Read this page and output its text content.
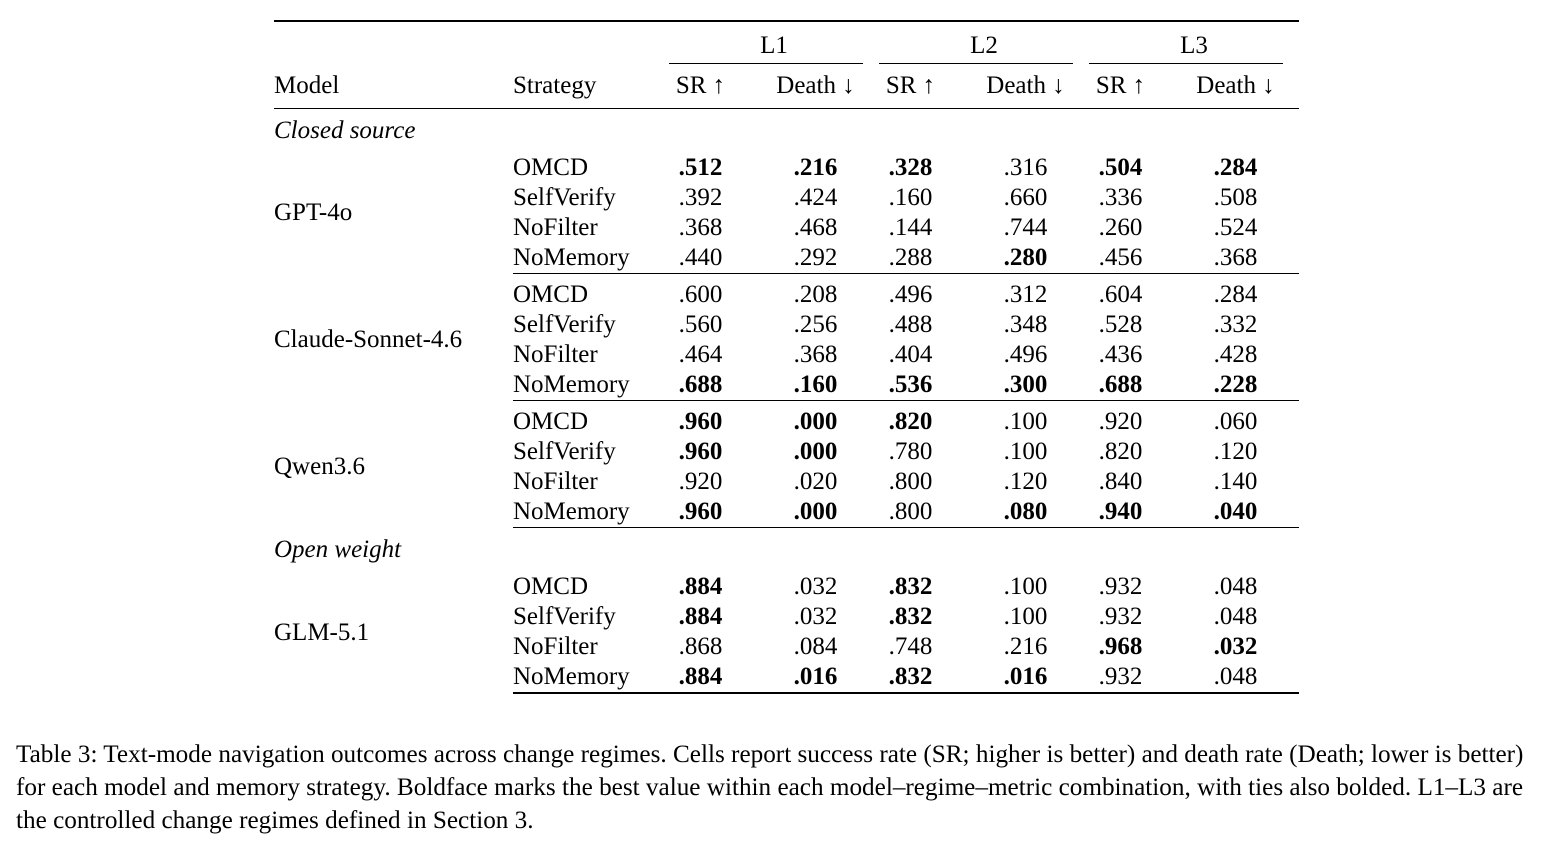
		L1		L2		L3	

Model	Strategy	SR ↑	Death ↓	SR ↑	Death ↓	SR ↑	Death ↓
Closed source							
GPT-4o	OMCD	.512	.216	.328	.316	.504	.284
	SelfVerify	.392	.424	.160	.660	.336	.508
	NoFilter	.368	.468	.144	.744	.260	.524
	NoMemory	.440	.292	.288	.280	.456	.368

Claude-Sonnet-4.6	OMCD	.600	.208	.496	.312	.604	.284
	SelfVerify	.560	.256	.488	.348	.528	.332
	NoFilter	.464	.368	.404	.496	.436	.428
	NoMemory	.688	.160	.536	.300	.688	.228

Qwen3.6	OMCD	.960	.000	.820	.100	.920	.060
	SelfVerify	.960	.000	.780	.100	.820	.120
	NoFilter	.920	.020	.800	.120	.840	.140
	NoMemory	.960	.000	.800	.080	.940	.040
Open weight							
GLM-5.1	OMCD	.884	.032	.832	.100	.932	.048
	SelfVerify	.884	.032	.832	.100	.932	.048
	NoFilter	.868	.084	.748	.216	.968	.032
	NoMemory	.884	.016	.832	.016	.932	.048
Table 3: Text-mode navigation outcomes across change regimes. Cells report success rate (SR; higher is better) and death rate (Death; lower is better) for each model and memory strategy. Boldface marks the best value within each model–regime–metric combination, with ties also bolded. L1–L3 are the controlled change regimes defined in Section 3.
